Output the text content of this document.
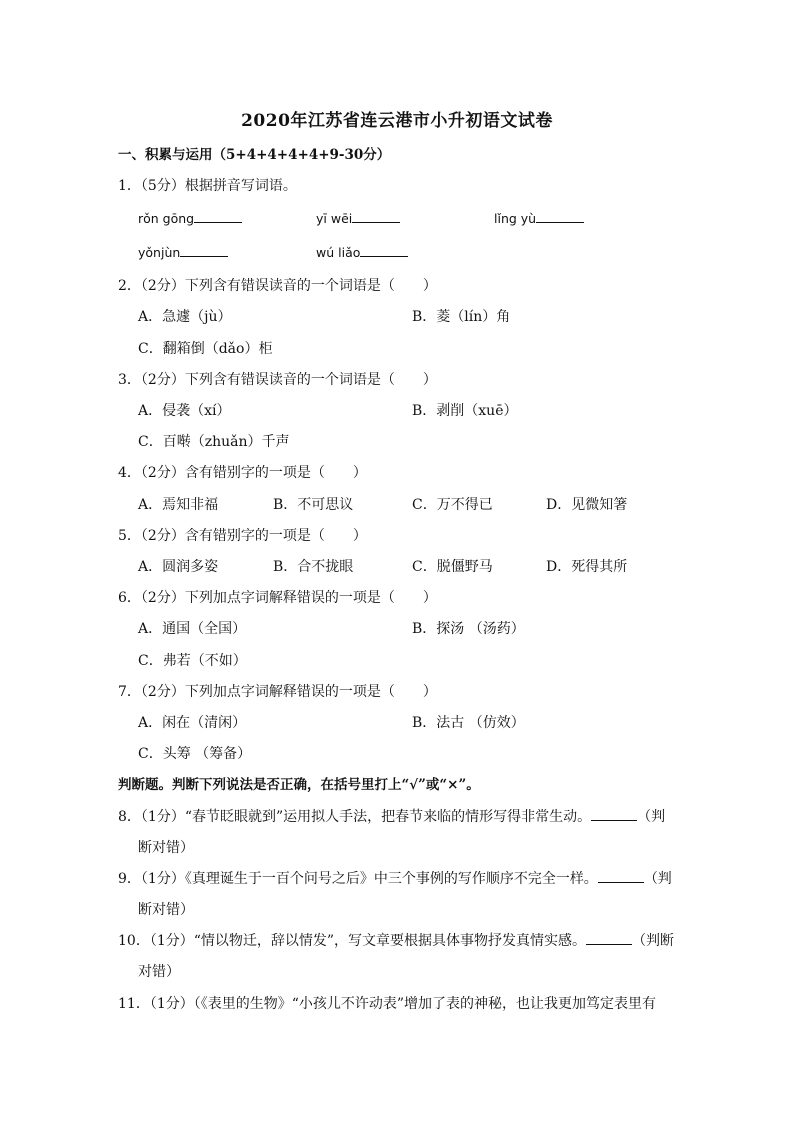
2020年江苏省连云港市小升初语文试卷
一、积累与运用（5+4+4+4+4+9-30分）
1．（5分）根据拼音写词语。
rǒn gōng	yī wēi	lǐng yù
yǒnjùn	wú liǎo
2．（2分）下列含有错误读音的一个词语是（　　）
A．急遽（jù）	B．菱（lín）角
C．翻箱倒（dǎo）柜
3．（2分）下列含有错误读音的一个词语是（　　）
A．侵袭（xí）	B．剥削（xuē）
C．百啭（zhuǎn）千声
4．（2分）含有错别字的一项是（　　）
A．焉知非福	B．不可思议	C．万不得已	D．见微知箸
5．（2分）含有错别字的一项是（　　）
A．圆润多姿	B．合不拢眼	C．脱僵野马	D．死得其所
6．（2分）下列加点字词解释错误的一项是（　　）
A．通国（全国）	B．探汤 （汤药）
C．弗若（不如）
7．（2分）下列加点字词解释错误的一项是（　　）
A．闲在（清闲）	B．法古 （仿效）
C．头筹 （筹备）
判断题。判断下列说法是否正确，在括号里打上“√”或“×”。
8．（1分）“春节眨眼就到”运用拟人手法，把春节来临的情形写得非常生动。	（判
断对错）
9．（1分）《真理诞生于一百个问号之后》中三个事例的写作顺序不完全一样。	（判
断对错）
10．（1分）“情以物迁，辞以情发”，写文章要根据具体事物抒发真情实感。	（判断
对错）
11．（1分）（《表里的生物》“小孩儿不许动表”增加了表的神秘，也让我更加笃定表里有
